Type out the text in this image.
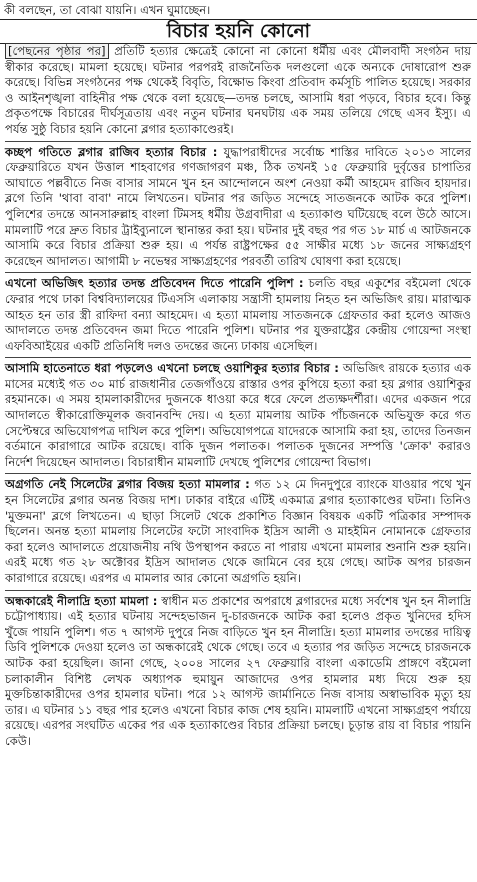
কী বলছেন, তা বোঝা যায়নি। এখন ঘুমাচ্ছেন।
বিচার হয়নি কোনো

[পেছনের পৃষ্ঠার পর] প্রতিটি হত্যার ক্ষেত্রেই কোনো না কোনো ধর্মীয় এবং মৌলবাদী সংগঠন দায় স্বীকার করেছে। মামলা হয়েছে। ঘটনার পরপরই রাজনৈতিক দলগুলো একে অন্যকে দোষারোপ শুরু করেছে। বিভিন্ন সংগঠনের পক্ষ থেকেই বিবৃতি, বিক্ষোভ কিংবা প্রতিবাদ কর্মসূচি পালিত হয়েছে। সরকার ও আইনশৃঙ্খলা বাহিনীর পক্ষ থেকে বলা হয়েছে—তদন্ত চলছে, আসামি ধরা পড়বে, বিচার হবে। কিন্তু প্রকৃতপক্ষে বিচারের দীর্ঘসূত্রতায় এবং নতুন ঘটনার ঘনঘটায় এক সময় তলিয়ে গেছে এসব ইস্যু। এ পর্যন্ত সুষ্ঠু বিচার হয়নি কোনো ব্লগার হত্যাকাণ্ডেরই।

কচ্ছপ গতিতে ব্লগার রাজিব হত্যার বিচার : যুদ্ধাপরাধীদের সর্বোচ্চ শাস্তির দাবিতে ২০১৩ সালের ফেব্রুয়ারিতে যখন উত্তাল শাহবাগের গণজাগরণ মঞ্চ, ঠিক তখনই ১৫ ফেব্রুয়ারি দুর্বৃত্তের চাপাতির আঘাতে পল্লবীতে নিজ বাসার সামনে খুন হন আন্দোলনে অংশ নেওয়া কর্মী আহমেদ রাজিব হায়দার। ব্লগে তিনি 'থাবা বাবা' নামে লিখতেন। ঘটনার পর জড়িত সন্দেহে সাতজনকে আটক করে পুলিশ। পুলিশের তদন্তে আনসারুল্লাহ বাংলা টিমসহ ধর্মীয় উগ্রবাদীরা এ হত্যাকাণ্ড ঘটিয়েছে বলে উঠে আসে। মামলাটি পরে দ্রুত বিচার ট্রাইব্যুনালে স্থানান্তর করা হয়। ঘটনার দুই বছর পর গত ১৮ মার্চ এ আটজনকে আসামি করে বিচার প্রক্রিয়া শুরু হয়। এ পর্যন্ত রাষ্ট্রপক্ষের ৫৫ সাক্ষীর মধ্যে ১৮ জনের সাক্ষ্যগ্রহণ করেছেন আদালত। আগামী ৮ নভেম্বর সাক্ষ্যগ্রহণের পরবর্তী তারিখ ঘোষণা করা হয়েছে।

এখনো অভিজিৎ হত্যার তদন্ত প্রতিবেদন দিতে পারেনি পুলিশ : চলতি বছর একুশের বইমেলা থেকে ফেরার পথে ঢাকা বিশ্ববিদ্যালয়ের টিএসসি এলাকায় সন্ত্রাসী হামলায় নিহত হন অভিজিৎ রায়। মারাত্মক আহত হন তার স্ত্রী রাফিদা বন্যা আহমেদ। এ হত্যা মামলায় সাতজনকে গ্রেফতার করা হলেও আজও আদালতে তদন্ত প্রতিবেদন জমা দিতে পারেনি পুলিশ। ঘটনার পর যুক্তরাষ্ট্রের কেন্দ্রীয় গোয়েন্দা সংস্থা এফবিআইয়ের একটি প্রতিনিধি দলও তদন্তের জন্যে ঢাকায় এসেছিল।

আসামি হাতেনাতে ধরা পড়লেও এখনো চলছে ওয়াশিকুর হত্যার বিচার : অভিজিৎ রায়কে হত্যার এক মাসের মধ্যেই গত ৩০ মার্চ রাজধানীর তেজগাঁওয়ে রাস্তার ওপর কুপিয়ে হত্যা করা হয় ব্লগার ওয়াশিকুর রহমানকে। এ সময় হামলাকারীদের দুজনকে ধাওয়া করে ধরে ফেলে প্রত্যক্ষদর্শীরা। এদের একজন পরে আদালতে স্বীকারোক্তিমূলক জবানবন্দি দেয়। এ হত্যা মামলায় আটক পাঁচজনকে অভিযুক্ত করে গত সেপ্টেম্বরে অভিযোগপত্র দাখিল করে পুলিশ। অভিযোগপত্রে যাদেরকে আসামি করা হয়, তাদের তিনজন বর্তমানে কারাগারে আটক রয়েছে। বাকি দুজন পলাতক। পলাতক দুজনের সম্পত্তি 'ক্রোক' করারও নির্দেশ দিয়েছেন আদালত। বিচারাধীন মামলাটি দেখছে পুলিশের গোয়েন্দা বিভাগ।

অগ্রগতি নেই সিলেটের ব্লগার বিজয় হত্যা মামলার : গত ১২ মে দিনদুপুরে ব্যাংকে যাওয়ার পথে খুন হন সিলেটের ব্লগার অনন্ত বিজয় দাশ। ঢাকার বাইরে এটিই একমাত্র ব্লগার হত্যাকাণ্ডের ঘটনা। তিনিও 'মুক্তমনা' ব্লগে লিখতেন। এ ছাড়া সিলেট থেকে প্রকাশিত বিজ্ঞান বিষয়ক একটি পত্রিকার সম্পাদক ছিলেন। অনন্ত হত্যা মামলায় সিলেটের ফটো সাংবাদিক ইদ্রিস আলী ও মাহইমিন নোমানকে গ্রেফতার করা হলেও আদালতে প্রয়োজনীয় নথি উপস্থাপন করতে না পারায় এখনো মামলার শুনানি শুরু হয়নি। এরই মধ্যে গত ২৮ অক্টোবর ইদ্রিস আদালত থেকে জামিনে বের হয়ে গেছে। আটক অপর চারজন কারাগারে রয়েছে। এরপর এ মামলার আর কোনো অগ্রগতি হয়নি।

অন্ধকারেই নীলাদ্রি হত্যা মামলা : স্বাধীন মত প্রকাশের অপরাধে ব্লগারদের মধ্যে সর্বশেষ খুন হন নীলাদ্রি চট্টোপাধ্যায়। এই হত্যার ঘটনায় সন্দেহভাজন দু-চারজনকে আটক করা হলেও প্রকৃত খুনিদের হদিস খুঁজে পায়নি পুলিশ। গত ৭ আগস্ট দুপুরে নিজ বাড়িতে খুন হন নীলাদ্রি। হত্যা মামলার তদন্তের দায়িত্ব ডিবি পুলিশকে দেওয়া হলেও তা অন্ধকারেই থেকে গেছে। তবে এ হত্যার পর জড়িত সন্দেহে চারজনকে আটক করা হয়েছিল। জানা গেছে, ২০০৪ সালের ২৭ ফেব্রুয়ারি বাংলা একাডেমি প্রাঙ্গণে বইমেলা চলাকালীন বিশিষ্ট লেখক অধ্যাপক হুমায়ুন আজাদের ওপর হামলার মধ্য দিয়ে শুরু হয় মুক্তচিন্তাকারীদের ওপর হামলার ঘটনা। পরে ১২ আগস্ট জার্মানিতে নিজ বাসায় অস্বাভাবিক মৃত্যু হয় তার। এ ঘটনার ১১ বছর পার হলেও এখনো বিচার কাজ শেষ হয়নি। মামলাটি এখনো সাক্ষ্যগ্রহণ পর্যায়ে রয়েছে। এরপর সংঘটিত একের পর এক হত্যাকাণ্ডের বিচার প্রক্রিয়া চলছে। চূড়ান্ত রায় বা বিচার পায়নি কেউ।
